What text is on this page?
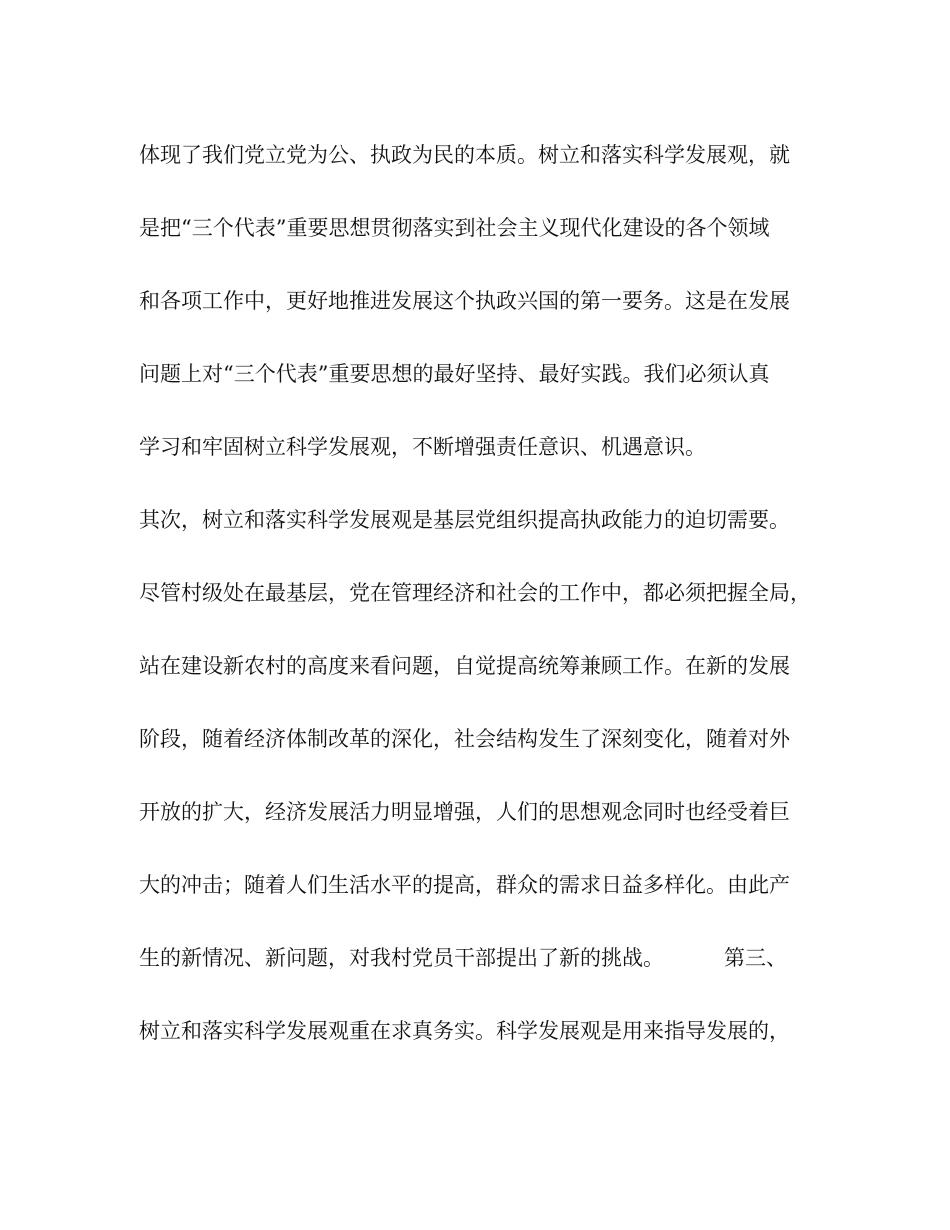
体现了我们党立党为公、执政为民的本质。树立和落实科学发展观，就
是把“三个代表”重要思想贯彻落实到社会主义现代化建设的各个领域
和各项工作中，更好地推进发展这个执政兴国的第一要务。这是在发展
问题上对“三个代表”重要思想的最好坚持、最好实践。我们必须认真
学习和牢固树立科学发展观，不断增强责任意识、机遇意识。
其次，树立和落实科学发展观是基层党组织提高执政能力的迫切需要。
尽管村级处在最基层，党在管理经济和社会的工作中，都必须把握全局，
站在建设新农村的高度来看问题，自觉提高统筹兼顾工作。在新的发展
阶段，随着经济体制改革的深化，社会结构发生了深刻变化，随着对外
开放的扩大，经济发展活力明显增强，人们的思想观念同时也经受着巨
大的冲击；随着人们生活水平的提高，群众的需求日益多样化。由此产
生的新情况、新问题，对我村党员干部提出了新的挑战。	第三、
树立和落实科学发展观重在求真务实。科学发展观是用来指导发展的，
